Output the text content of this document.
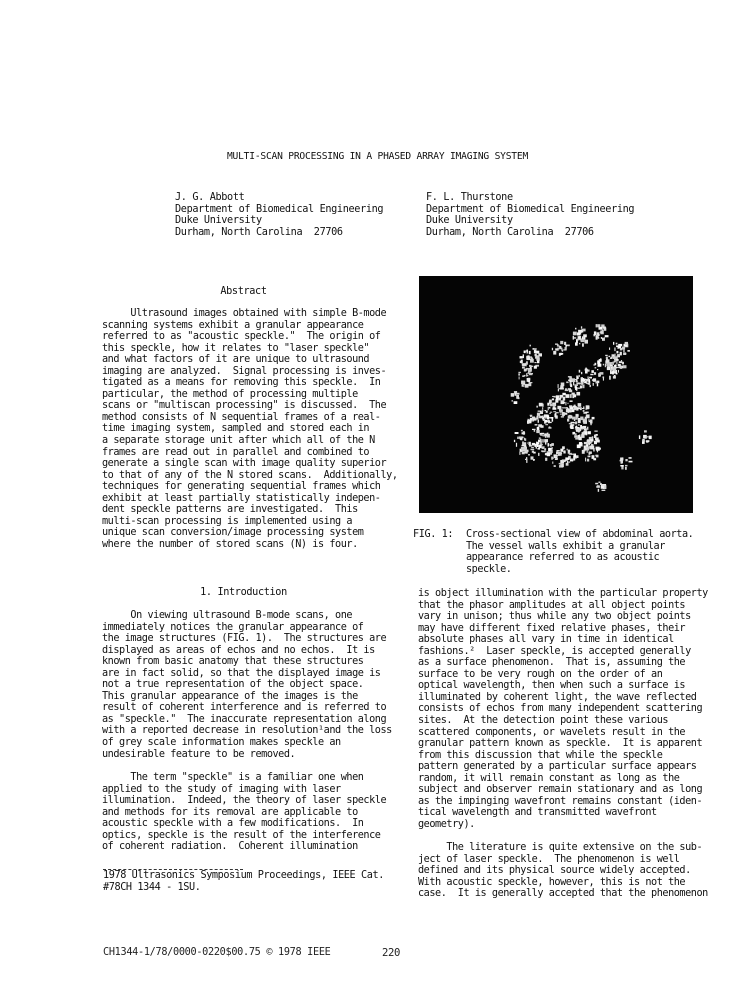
MULTI-SCAN PROCESSING IN A PHASED ARRAY IMAGING SYSTEM
J. G. Abbott
Department of Biomedical Engineering
Duke University
Durham, North Carolina  27706
F. L. Thurstone
Department of Biomedical Engineering
Duke University
Durham, North Carolina  27706
Abstract
Ultrasound images obtained with simple B-mode
scanning systems exhibit a granular appearance
referred to as "acoustic speckle."  The origin of
this speckle, how it relates to "laser speckle"
and what factors of it are unique to ultrasound
imaging are analyzed.  Signal processing is inves-
tigated as a means for removing this speckle.  In
particular, the method of processing multiple
scans or "multiscan processing" is discussed.  The
method consists of N sequential frames of a real-
time imaging system, sampled and stored each in
a separate storage unit after which all of the N
frames are read out in parallel and combined to
generate a single scan with image quality superior
to that of any of the N stored scans.  Additionally,
techniques for generating sequential frames which
exhibit at least partially statistically indepen-
dent speckle patterns are investigated.  This
multi-scan processing is implemented using a
unique scan conversion/image processing system
where the number of stored scans (N) is four.
1. Introduction
On viewing ultrasound B-mode scans, one
immediately notices the granular appearance of
the image structures (FIG. 1).  The structures are
displayed as areas of echos and no echos.  It is
known from basic anatomy that these structures
are in fact solid, so that the displayed image is
not a true representation of the object space.
This granular appearance of the images is the
result of coherent interference and is referred to
as "speckle."  The inaccurate representation along
with a reported decrease in resolution¹and the loss
of grey scale information makes speckle an
undesirable feature to be removed.
The term "speckle" is a familiar one when
applied to the study of imaging with laser
illumination.  Indeed, the theory of laser speckle
and methods for its removal are applicable to
acoustic speckle with a few modifications.  In
optics, speckle is the result of the interference
of coherent radiation.  Coherent illumination

FIG. 1:

Cross-sectional view of abdominal aorta.
The vessel walls exhibit a granular
appearance referred to as acoustic
speckle.

is object illumination with the particular property
that the phasor amplitudes at all object points
vary in unison; thus while any two object points
may have different fixed relative phases, their
absolute phases all vary in time in identical
fashions.²  Laser speckle, is accepted generally
as a surface phenomenon.  That is, assuming the
surface to be very rough on the order of an
optical wavelength, then when such a surface is
illuminated by coherent light, the wave reflected
consists of echos from many independent scattering
sites.  At the detection point these various
scattered components, or wavelets result in the
granular pattern known as speckle.  It is apparent
from this discussion that while the speckle
pattern generated by a particular surface appears
random, it will remain constant as long as the
subject and observer remain stationary and as long
as the impinging wavefront remains constant (iden-
tical wavelength and transmitted wavefront
geometry).
The literature is quite extensive on the sub-
ject of laser speckle.  The phenomenon is well
defined and its physical source widely accepted.
With acoustic speckle, however, this is not the
case.  It is generally accepted that the phenomenon
1978 Ultrasonics Symposium Proceedings, IEEE Cat.
#78CH 1344 - 1SU.
CH1344-1/78/0000-0220$00.75 © 1978 IEEE	220
